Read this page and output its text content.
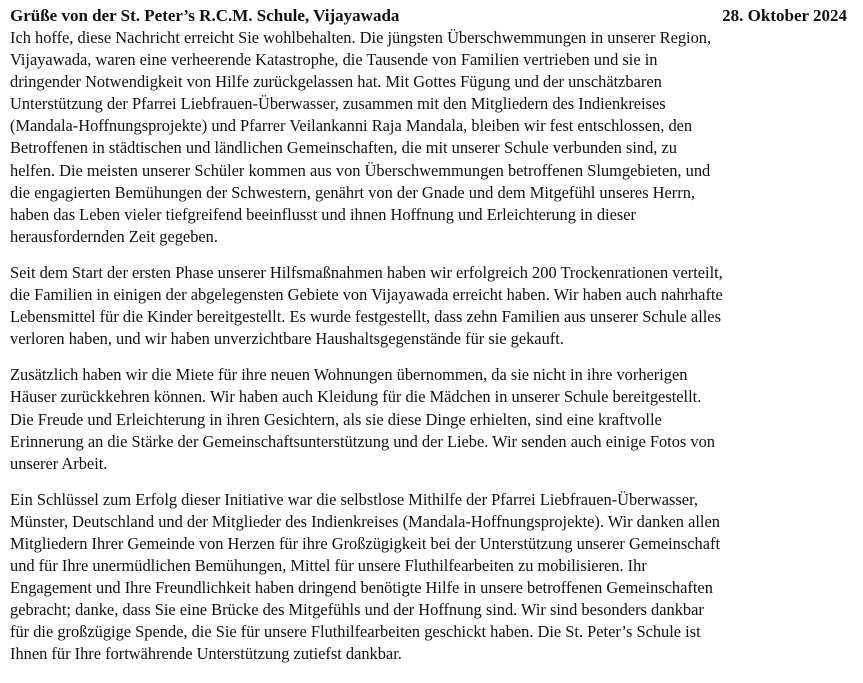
Grüße von der St. Peter’s R.C.M. Schule, Vijayawada	28. Oktober 2024
Ich hoffe, diese Nachricht erreicht Sie wohlbehalten. Die jüngsten Überschwemmungen in unserer Region,
Vijayawada, waren eine verheerende Katastrophe, die Tausende von Familien vertrieben und sie in
dringender Notwendigkeit von Hilfe zurückgelassen hat. Mit Gottes Fügung und der unschätzbaren
Unterstützung der Pfarrei Liebfrauen-Überwasser, zusammen mit den Mitgliedern des Indienkreises
(Mandala-Hoffnungsprojekte) und Pfarrer Veilankanni Raja Mandala, bleiben wir fest entschlossen, den
Betroffenen in städtischen und ländlichen Gemeinschaften, die mit unserer Schule verbunden sind, zu
helfen. Die meisten unserer Schüler kommen aus von Überschwemmungen betroffenen Slumgebieten, und
die engagierten Bemühungen der Schwestern, genährt von der Gnade und dem Mitgefühl unseres Herrn,
haben das Leben vieler tiefgreifend beeinflusst und ihnen Hoffnung und Erleichterung in dieser
herausfordernden Zeit gegeben.
Seit dem Start der ersten Phase unserer Hilfsmaßnahmen haben wir erfolgreich 200 Trockenrationen verteilt,
die Familien in einigen der abgelegensten Gebiete von Vijayawada erreicht haben. Wir haben auch nahrhafte
Lebensmittel für die Kinder bereitgestellt. Es wurde festgestellt, dass zehn Familien aus unserer Schule alles
verloren haben, und wir haben unverzichtbare Haushaltsgegenstände für sie gekauft.
Zusätzlich haben wir die Miete für ihre neuen Wohnungen übernommen, da sie nicht in ihre vorherigen
Häuser zurückkehren können. Wir haben auch Kleidung für die Mädchen in unserer Schule bereitgestellt.
Die Freude und Erleichterung in ihren Gesichtern, als sie diese Dinge erhielten, sind eine kraftvolle
Erinnerung an die Stärke der Gemeinschaftsunterstützung und der Liebe. Wir senden auch einige Fotos von
unserer Arbeit.
Ein Schlüssel zum Erfolg dieser Initiative war die selbstlose Mithilfe der Pfarrei Liebfrauen-Überwasser,
Münster, Deutschland und der Mitglieder des Indienkreises (Mandala-Hoffnungsprojekte). Wir danken allen
Mitgliedern Ihrer Gemeinde von Herzen für ihre Großzügigkeit bei der Unterstützung unserer Gemeinschaft
und für Ihre unermüdlichen Bemühungen, Mittel für unsere Fluthilfearbeiten zu mobilisieren. Ihr
Engagement und Ihre Freundlichkeit haben dringend benötigte Hilfe in unsere betroffenen Gemeinschaften
gebracht; danke, dass Sie eine Brücke des Mitgefühls und der Hoffnung sind. Wir sind besonders dankbar
für die großzügige Spende, die Sie für unsere Fluthilfearbeiten geschickt haben. Die St. Peter’s Schule ist
Ihnen für Ihre fortwährende Unterstützung zutiefst dankbar.
